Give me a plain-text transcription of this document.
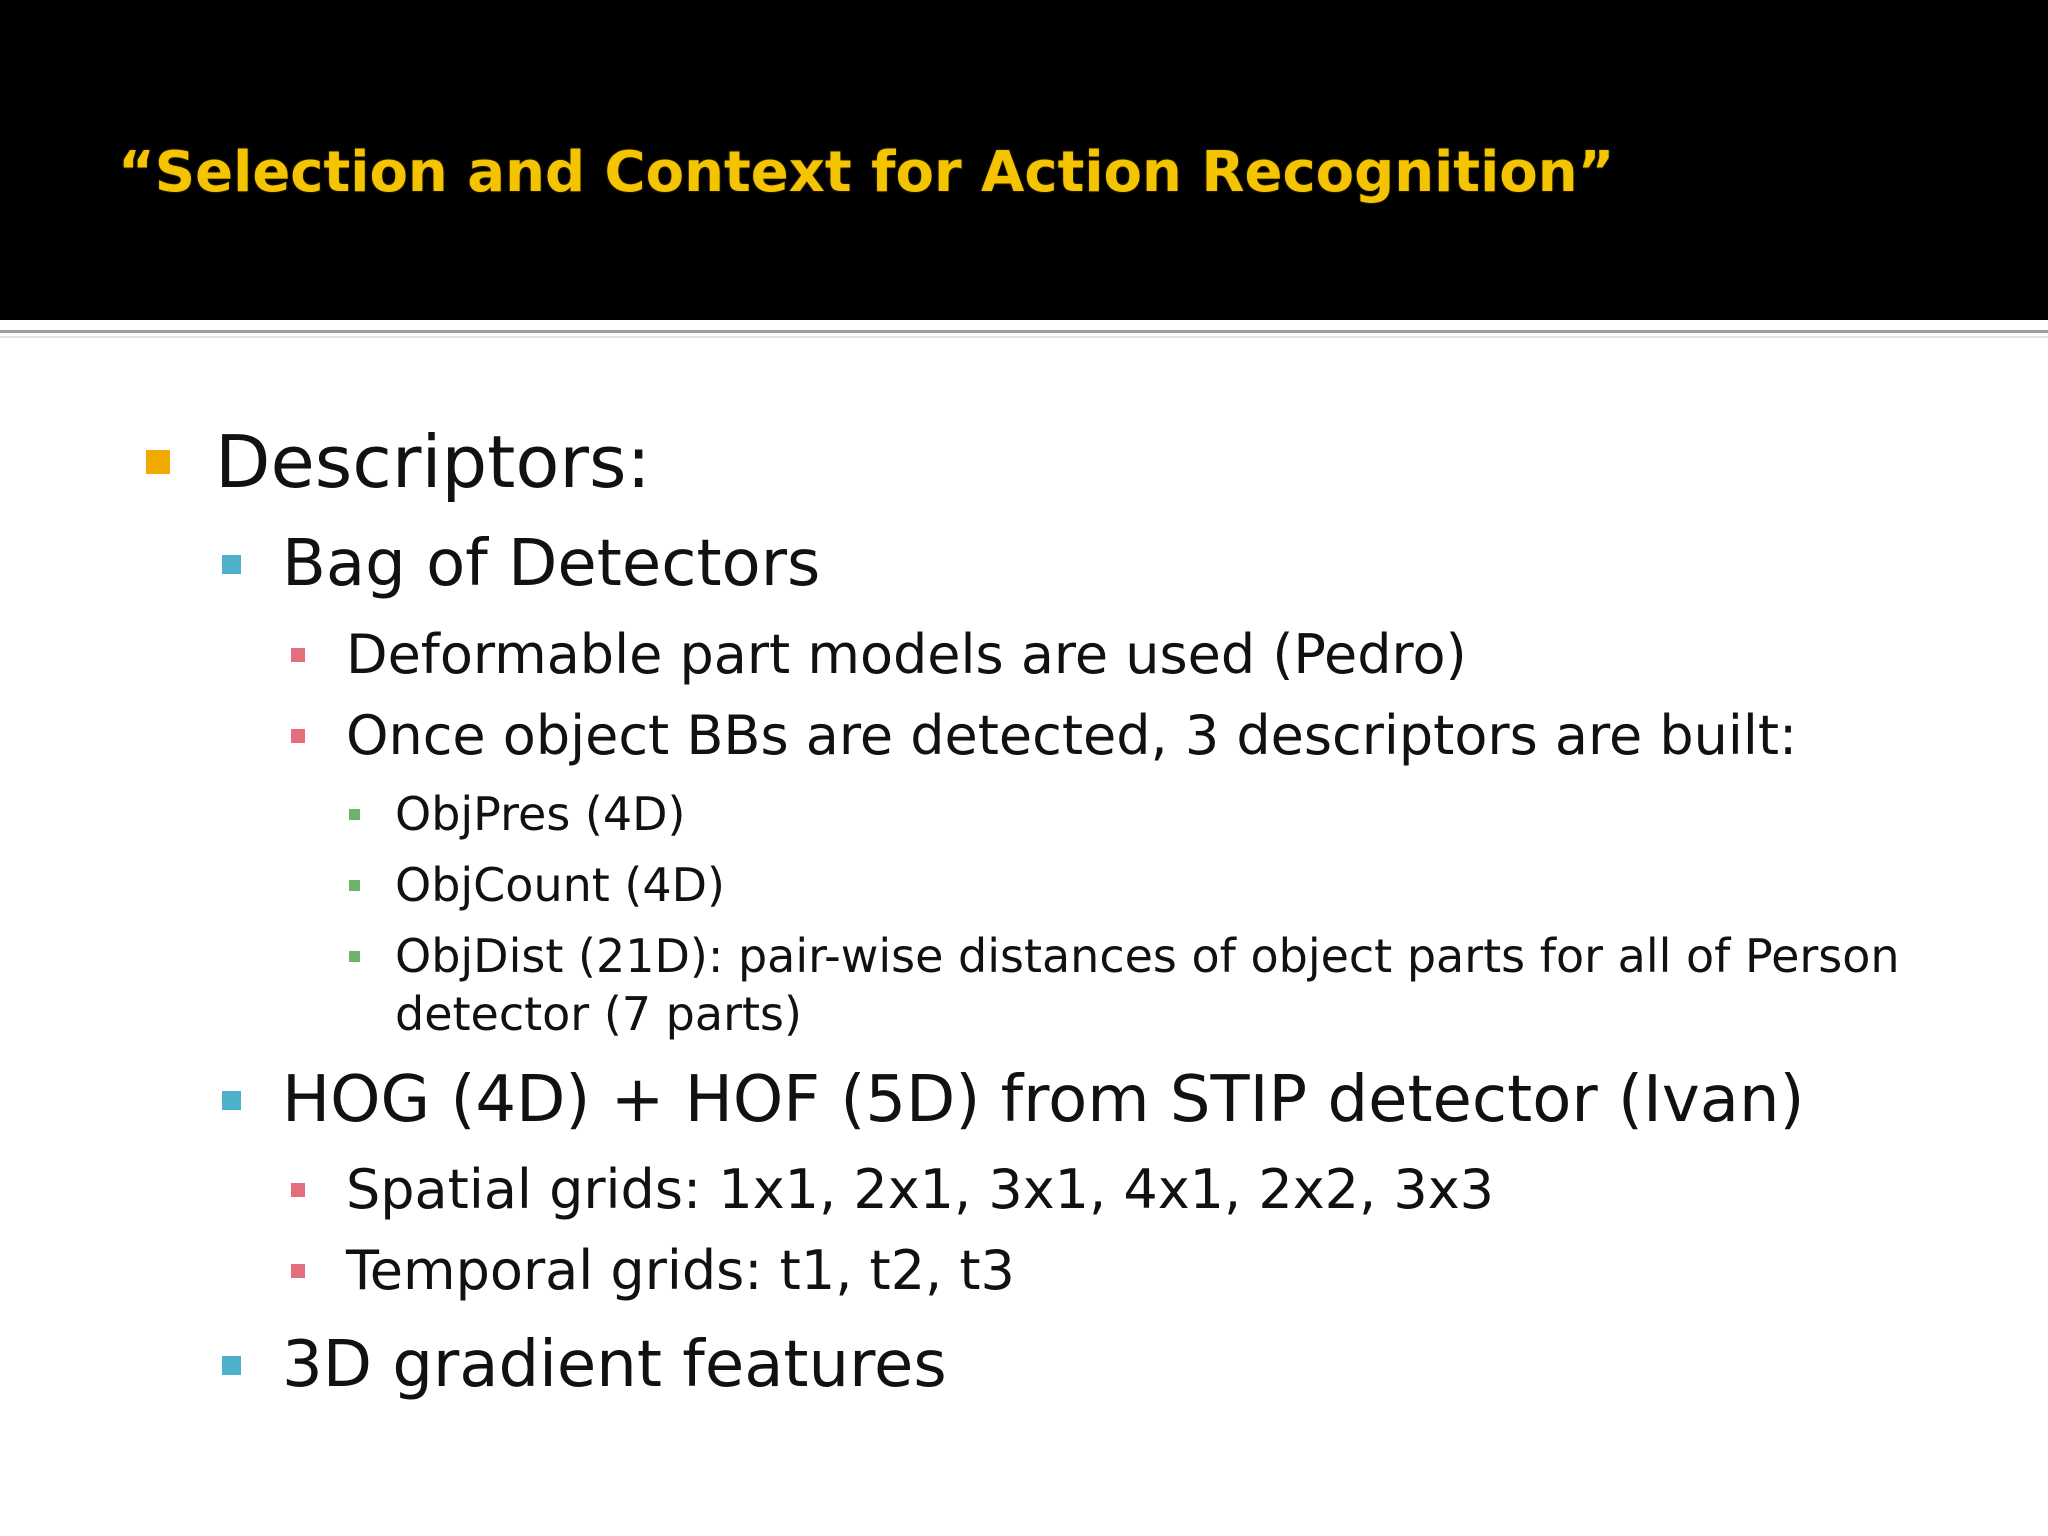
“Selection and Context for Action Recognition”
Descriptors:
Bag of Detectors
Deformable part models are used (Pedro)
Once object BBs are detected, 3 descriptors are built:
ObjPres (4D)
ObjCount (4D)
ObjDist (21D): pair-wise distances of object parts for all of Person
detector (7 parts)
HOG (4D) + HOF (5D) from STIP detector (Ivan)
Spatial grids: 1x1, 2x1, 3x1, 4x1, 2x2, 3x3
Temporal grids: t1, t2, t3
3D gradient features
